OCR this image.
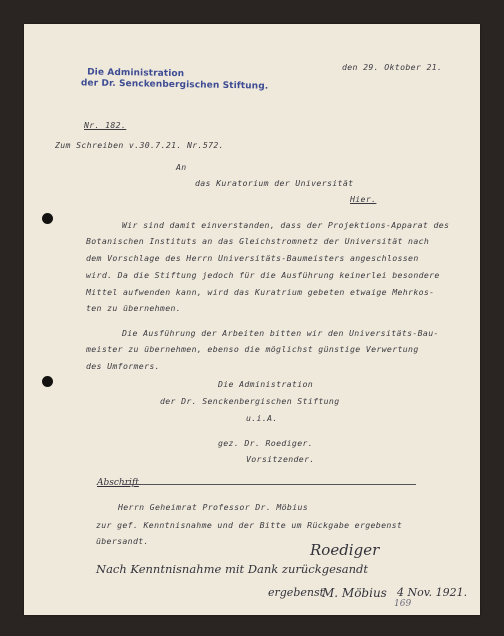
Die Administration
der Dr. Senckenbergischen Stiftung.
den 29. Oktober 21.
Nr. 182.
Zum Schreiben v.30.7.21. Nr.572.
An
das Kuratorium der Universität
Hier.
Wir sind damit einverstanden, dass der Projektions-Apparat des
Botanischen Instituts an das Gleichstromnetz der Universität nach
dem Vorschlage des Herrn Universitäts-Baumeisters angeschlossen
wird. Da die Stiftung jedoch für die Ausführung keinerlei besondere
Mittel aufwenden kann, wird das Kuratrium gebeten etwaige Mehrkos-
ten zu übernehmen.
Die Ausführung der Arbeiten bitten wir den Universitäts-Bau-
meister zu übernehmen, ebenso die möglichst günstige Verwertung
des Umformers.
Die Administration
der Dr. Senckenbergischen Stiftung
u.i.A.
gez. Dr. Roediger.
Vorsitzender.
Abschrift
Herrn Geheimrat Professor Dr. Möbius
zur gef. Kenntnisnahme und der Bitte um Rückgabe ergebenst
übersandt.	Roediger
Nach Kenntnisnahme mit Dank zurückgesandt
ergebenst
M. Möbius 4 Nov. 1921.
169
